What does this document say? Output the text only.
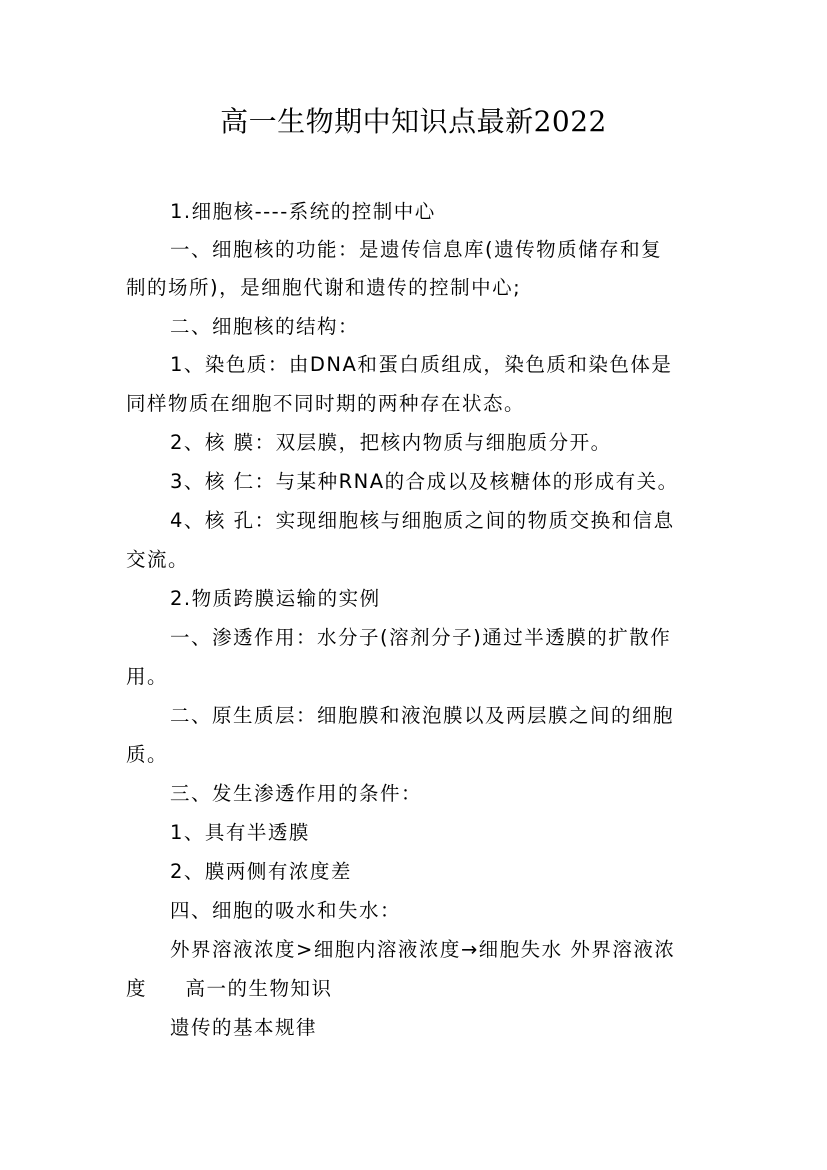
高一生物期中知识点最新2022
1.细胞核----系统的控制中心
一、细胞核的功能：是遗传信息库(遗传物质储存和复
制的场所)，是细胞代谢和遗传的控制中心;
二、细胞核的结构：
1、染色质：由DNA和蛋白质组成，染色质和染色体是
同样物质在细胞不同时期的两种存在状态。
2、核 膜：双层膜，把核内物质与细胞质分开。
3、核 仁：与某种RNA的合成以及核糖体的形成有关。
4、核 孔：实现细胞核与细胞质之间的物质交换和信息
交流。
2.物质跨膜运输的实例
一、渗透作用：水分子(溶剂分子)通过半透膜的扩散作
用。
二、原生质层：细胞膜和液泡膜以及两层膜之间的细胞
质。
三、发生渗透作用的条件：
1、具有半透膜
2、膜两侧有浓度差
四、细胞的吸水和失水：
外界溶液浓度>细胞内溶液浓度→细胞失水 外界溶液浓
度     高一的生物知识
遗传的基本规律
